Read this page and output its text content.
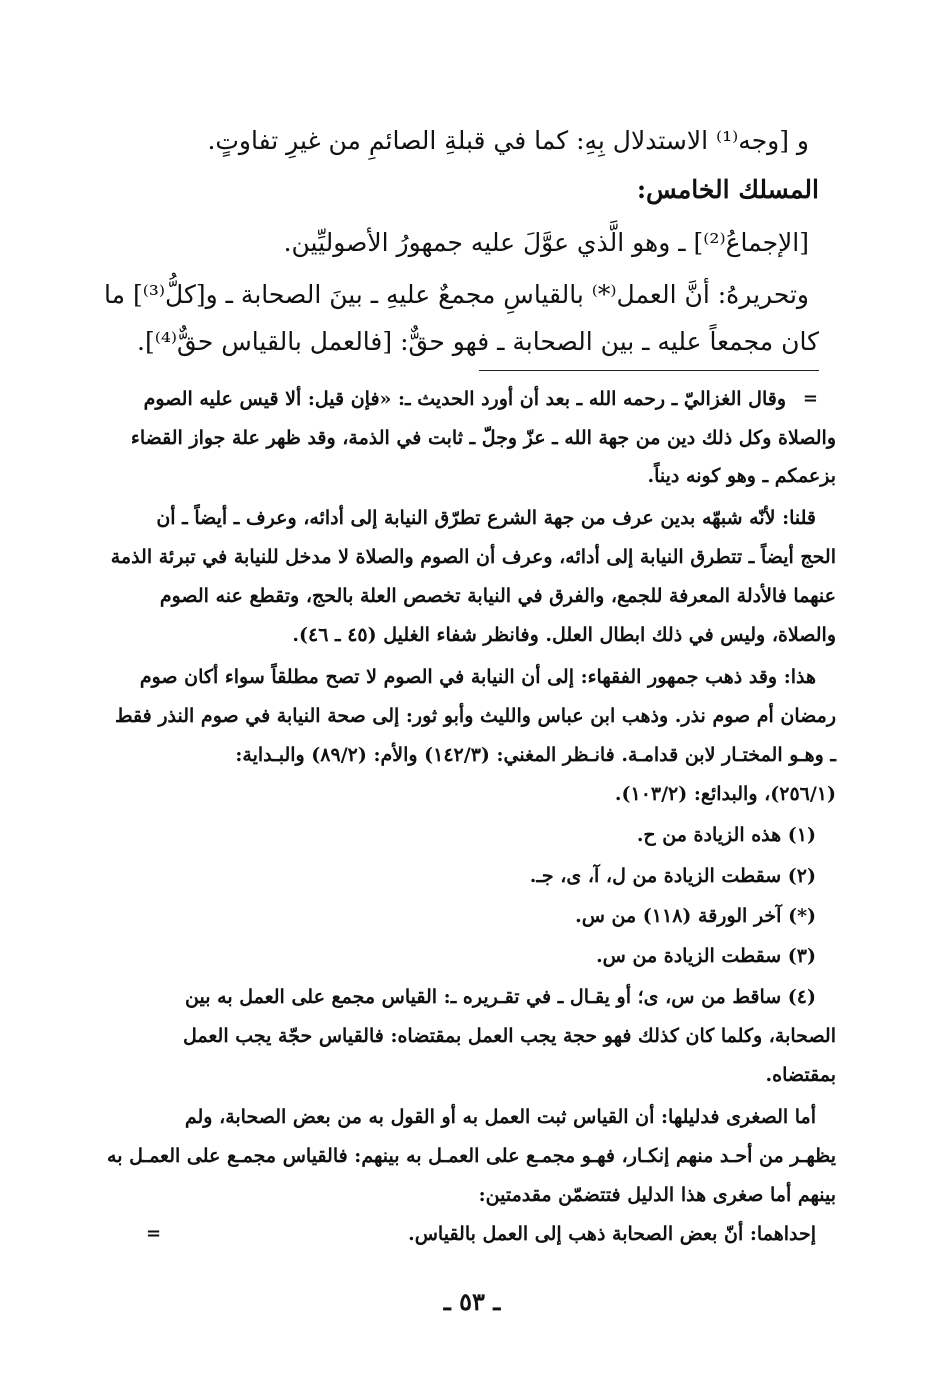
و [وجه⁽¹⁾ الاستدلال بِهِ: كما في قبلةِ الصائمِ من غيرِ تفاوتٍ.
المسلك الخامس:
[الإجماعُ⁽²⁾] ـ وهو الَّذي عوَّلَ عليه جمهورُ الأصوليِّين.
وتحريرهُ: أنَّ العمل⁽*⁾ بالقياسِ مجمعٌ عليهِ ـ بينَ الصحابة ـ و[كلُّ⁽³⁾] ما
كان مجمعاً عليه ـ بين الصحابة ـ فهو حقٌّ: [فالعمل بالقياس حقٌّ⁽⁴⁾].
=
وقال الغزاليّ ـ رحمه الله ـ بعد أن أورد الحديث ـ: «فإن قيل: ألا قيس عليه الصوم
والصلاة وكل ذلك دين من جهة الله ـ عزّ وجلّ ـ ثابت في الذمة، وقد ظهر علة جواز القضاء
بزعمكم ـ وهو كونه ديناً.
قلنا: لأنّه شبهّه بدين عرف من جهة الشرع تطرّق النيابة إلى أدائه، وعرف ـ أيضاً ـ أن
الحج أيضاً ـ تتطرق النيابة إلى أدائه، وعرف أن الصوم والصلاة لا مدخل للنيابة في تبرئة الذمة
عنهما فالأدلة المعرفة للجمع، والفرق في النيابة تخصص العلة بالحج، وتقطع عنه الصوم
والصلاة، وليس في ذلك ابطال العلل. وفانظر شفاء الغليل (٤٥ ـ ٤٦).
هذا: وقد ذهب جمهور الفقهاء: إلى أن النيابة في الصوم لا تصح مطلقاً سواء أكان صوم
رمضان أم صوم نذر. وذهب ابن عباس والليث وأبو ثور: إلى صحة النيابة في صوم النذر فقط
ـ وهـو المختـار لابن قدامـة. فانـظر المغني: (١٤٢/٣) والأم: (٨٩/٢) والبـداية:
(٢٥٦/١)، والبدائع: (١٠٣/٢).
(١) هذه الزيادة من ح.
(٢) سقطت الزيادة من ل، آ، ى، جـ.
(*) آخر الورقة (١١٨) من س.
(٣) سقطت الزيادة من س.
(٤) ساقط من س، ى؛ أو يقـال ـ في تقـريره ـ: القياس مجمع على العمل به بين
الصحابة، وكلما كان كذلك فهو حجة يجب العمل بمقتضاه: فالقياس حجّة يجب العمل
بمقتضاه.
أما الصغرى فدليلها: أن القياس ثبت العمل به أو القول به من بعض الصحابة، ولم
يظهـر من أحـد منهم إنكـار، فهـو مجمـع على العمـل به بينهم: فالقياس مجمـع على العمـل به
بينهم أما صغرى هذا الدليل فتتضمّن مقدمتين:
إحداهما: أنّ بعض الصحابة ذهب إلى العمل بالقياس.
=
ـ ٥٣ ـ
